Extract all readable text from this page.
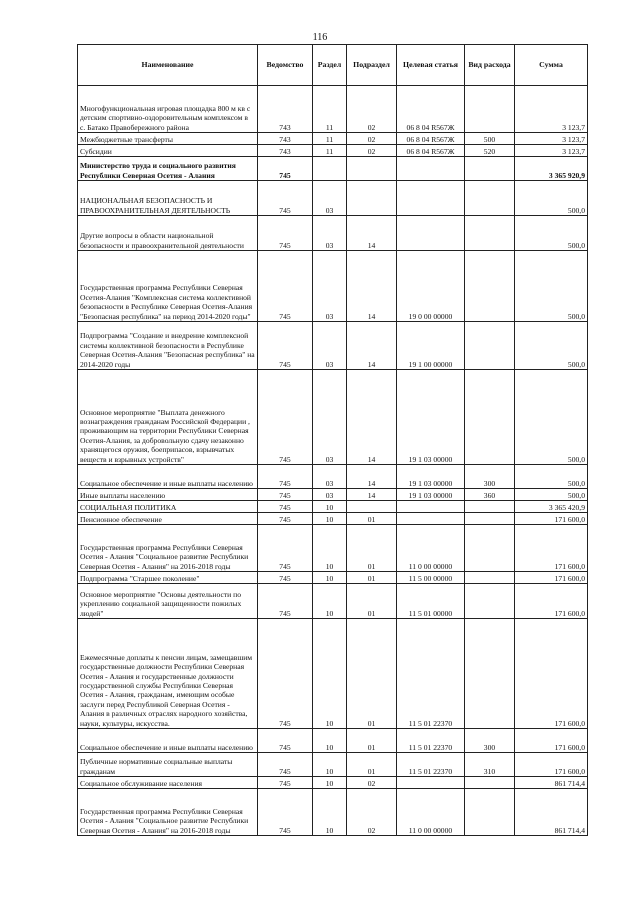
116
Наименование	Ведомство	Раздел	Подраздел	Целевая статья	Вид расхода	Сумма
Многофункциональная игровая площадка 800 м кв с детским спортивно-оздоровительным комплексом в с. Батако Правобережного района	743	11	02	06 8 04 R567Ж		3 123,7
Межбюджетные трансферты	743	11	02	06 8 04 R567Ж	500	3 123,7
Субсидии	743	11	02	06 8 04 R567Ж	520	3 123,7
Министерство труда и социального развития Республики Северная Осетия - Алания	745					3 365 920,9
НАЦИОНАЛЬНАЯ БЕЗОПАСНОСТЬ И ПРАВООХРАНИТЕЛЬНАЯ ДЕЯТЕЛЬНОСТЬ	745	03				500,0
Другие вопросы в области национальной безопасности и правоохранительной деятельности	745	03	14			500,0
Государственная программа Республики Северная Осетия-Алания "Комплексная система коллективной безопасности в Республике Северная Осетия-Алания "Безопасная республика" на период 2014-2020 годы"	745	03	14	19 0 00 00000		500,0
Подпрограмма "Создание и внедрение комплексной системы коллективной безопасности в Республике Северная Осетия-Алания "Безопасная республика" на 2014-2020 годы	745	03	14	19 1 00 00000		500,0
Основное мероприятие "Выплата денежного вознаграждения гражданам Российской Федерации , проживающим на территории Республики Северная Осетия-Алания, за добровольную сдачу незаконно хранящегося оружия, боеприпасов, взрывчатых веществ и взрывных устройств"	745	03	14	19 1 03 00000		500,0
Социальное обеспечение и иные выплаты населению	745	03	14	19 1 03 00000	300	500,0
Иные выплаты населению	745	03	14	19 1 03 00000	360	500,0
СОЦИАЛЬНАЯ ПОЛИТИКА	745	10				3 365 420,9
Пенсионное обеспечение	745	10	01			171 600,0
Государственная программа Республики Северная Осетия - Алания "Социальное развитие Республики Северная Осетия - Алания" на 2016-2018 годы	745	10	01	11 0 00 00000		171 600,0
Подпрограмма "Старшее поколение"	745	10	01	11 5 00 00000		171 600,0
Основное мероприятие "Основы деятельности по укреплению социальной защищенности пожилых людей"	745	10	01	11 5 01 00000		171 600,0
Ежемесячные доплаты к пенсии лицам, замещавшим государственные должности Республики Северная Осетия - Алания и государственные должности государственной службы Республики Северная Осетия - Алания, гражданам, имеющим особые заслуги перед Республикой Северная Осетия - Алания в различных отраслях народного хозяйства, науки, культуры, искусства.	745	10	01	11 5 01 22370		171 600,0
Социальное обеспечение и иные выплаты населению	745	10	01	11 5 01 22370	300	171 600,0
Публичные нормативные социальные выплаты гражданам	745	10	01	11 5 01 22370	310	171 600,0
Социальное обслуживание населения	745	10	02			861 714,4
Государственная программа Республики Северная Осетия - Алания "Социальное развитие Республики Северная Осетия - Алания" на 2016-2018 годы	745	10	02	11 0 00 00000		861 714,4
